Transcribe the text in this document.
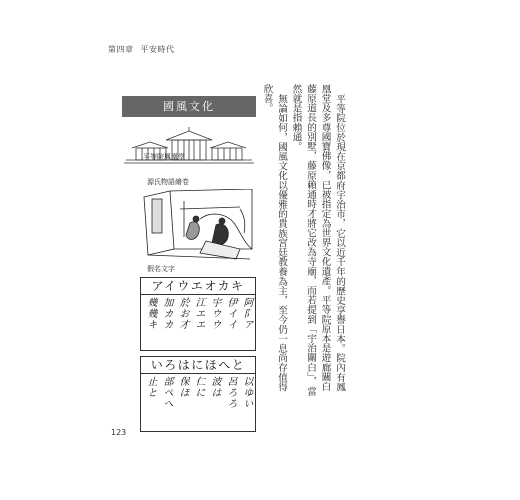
第四章 平安時代
國風文化
平等院鳳凰堂
源氏物語繪卷
假名文字
アイウエオカキ
阿阝ア
伊イイ
宇ウウ
江エエ
於お才
加カカ
幾幾キ
いろはにほへと
以ゆい
呂ろろ
波は
仁に
保ほ
部ぺへ
止と	平等院位於現在京都府宇治市，它以近千年的歷史享譽日本。院內有鳳凰堂及多尊國寶佛像，已被指定為世界文化遺產。平等院原本是遊廊關白藤原道長的別墅，藤原賴通時才將它改為寺廟，而若提到「宇治關白」，當然就是指賴通。

無論如何，國風文化以優雅的貴族宮廷教養為主，至今仍一息尚存值得欣喜。

123
